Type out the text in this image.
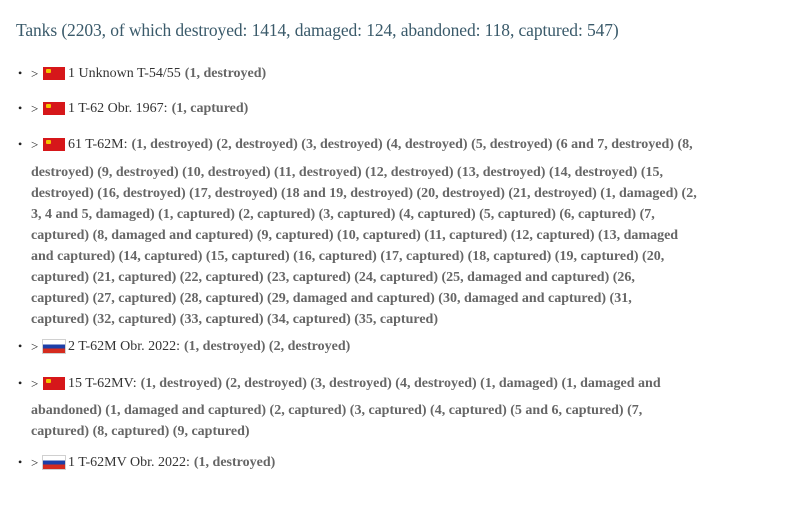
Tanks (2203, of which destroyed: 1414, damaged: 124, abandoned: 118, captured: 547)
• >	1 Unknown T-54/55 (1, destroyed)
• >	1 T-62 Obr. 1967: (1, captured)
• >	61 T-62M: (1, destroyed) (2, destroyed) (3, destroyed) (4, destroyed) (5, destroyed) (6 and 7, destroyed) (8,
destroyed) (9, destroyed) (10, destroyed) (11, destroyed) (12, destroyed) (13, destroyed) (14, destroyed) (15,
destroyed) (16, destroyed) (17, destroyed) (18 and 19, destroyed) (20, destroyed) (21, destroyed) (1, damaged) (2,
3, 4 and 5, damaged) (1, captured) (2, captured) (3, captured) (4, captured) (5, captured) (6, captured) (7,
captured) (8, damaged and captured) (9, captured) (10, captured) (11, captured) (12, captured) (13, damaged
and captured) (14, captured) (15, captured) (16, captured) (17, captured) (18, captured) (19, captured) (20,
captured) (21, captured) (22, captured) (23, captured) (24, captured) (25, damaged and captured) (26,
captured) (27, captured) (28, captured) (29, damaged and captured) (30, damaged and captured) (31,
captured) (32, captured) (33, captured) (34, captured) (35, captured)
• >	2 T-62M Obr. 2022: (1, destroyed) (2, destroyed)
• >	15 T-62MV: (1, destroyed) (2, destroyed) (3, destroyed) (4, destroyed) (1, damaged) (1, damaged and
abandoned) (1, damaged and captured) (2, captured) (3, captured) (4, captured) (5 and 6, captured) (7,
captured) (8, captured) (9, captured)
• >	1 T-62MV Obr. 2022: (1, destroyed)
